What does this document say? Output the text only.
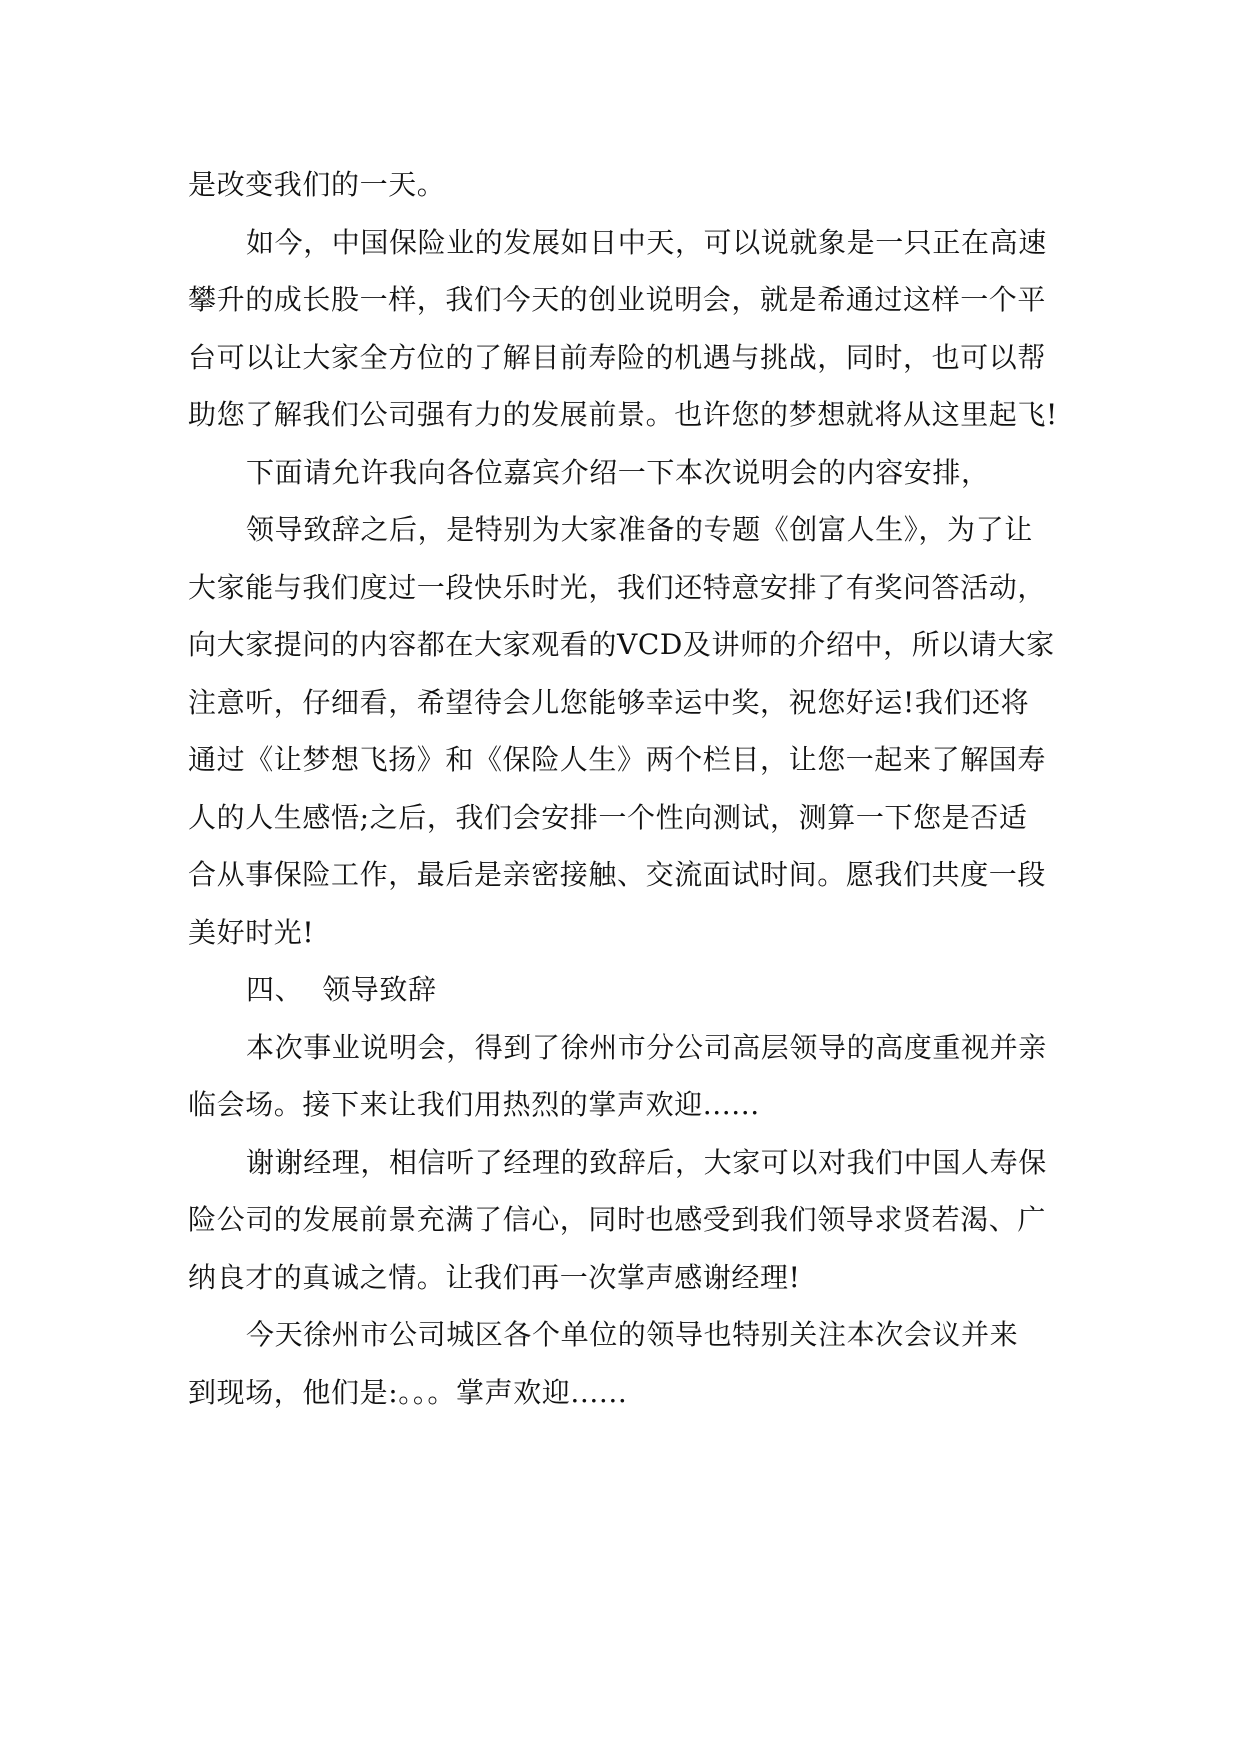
是改变我们的一天。
如今，中国保险业的发展如日中天，可以说就象是一只正在高速
攀升的成长股一样，我们今天的创业说明会，就是希通过这样一个平
台可以让大家全方位的了解目前寿险的机遇与挑战，同时，也可以帮
助您了解我们公司强有力的发展前景。也许您的梦想就将从这里起飞!
下面请允许我向各位嘉宾介绍一下本次说明会的内容安排，
领导致辞之后，是特别为大家准备的专题《创富人生》，为了让
大家能与我们度过一段快乐时光，我们还特意安排了有奖问答活动，
向大家提问的内容都在大家观看的VCD及讲师的介绍中，所以请大家
注意听，仔细看，希望待会儿您能够幸运中奖，祝您好运!我们还将
通过《让梦想飞扬》和《保险人生》两个栏目，让您一起来了解国寿
人的人生感悟;之后，我们会安排一个性向测试，测算一下您是否适
合从事保险工作，最后是亲密接触、交流面试时间。愿我们共度一段
美好时光!
四、  领导致辞
本次事业说明会，得到了徐州市分公司高层领导的高度重视并亲
临会场。接下来让我们用热烈的掌声欢迎......
谢谢经理，相信听了经理的致辞后，大家可以对我们中国人寿保
险公司的发展前景充满了信心，同时也感受到我们领导求贤若渴、广
纳良才的真诚之情。让我们再一次掌声感谢经理!
今天徐州市公司城区各个单位的领导也特别关注本次会议并来
到现场，他们是:。。。掌声欢迎......
